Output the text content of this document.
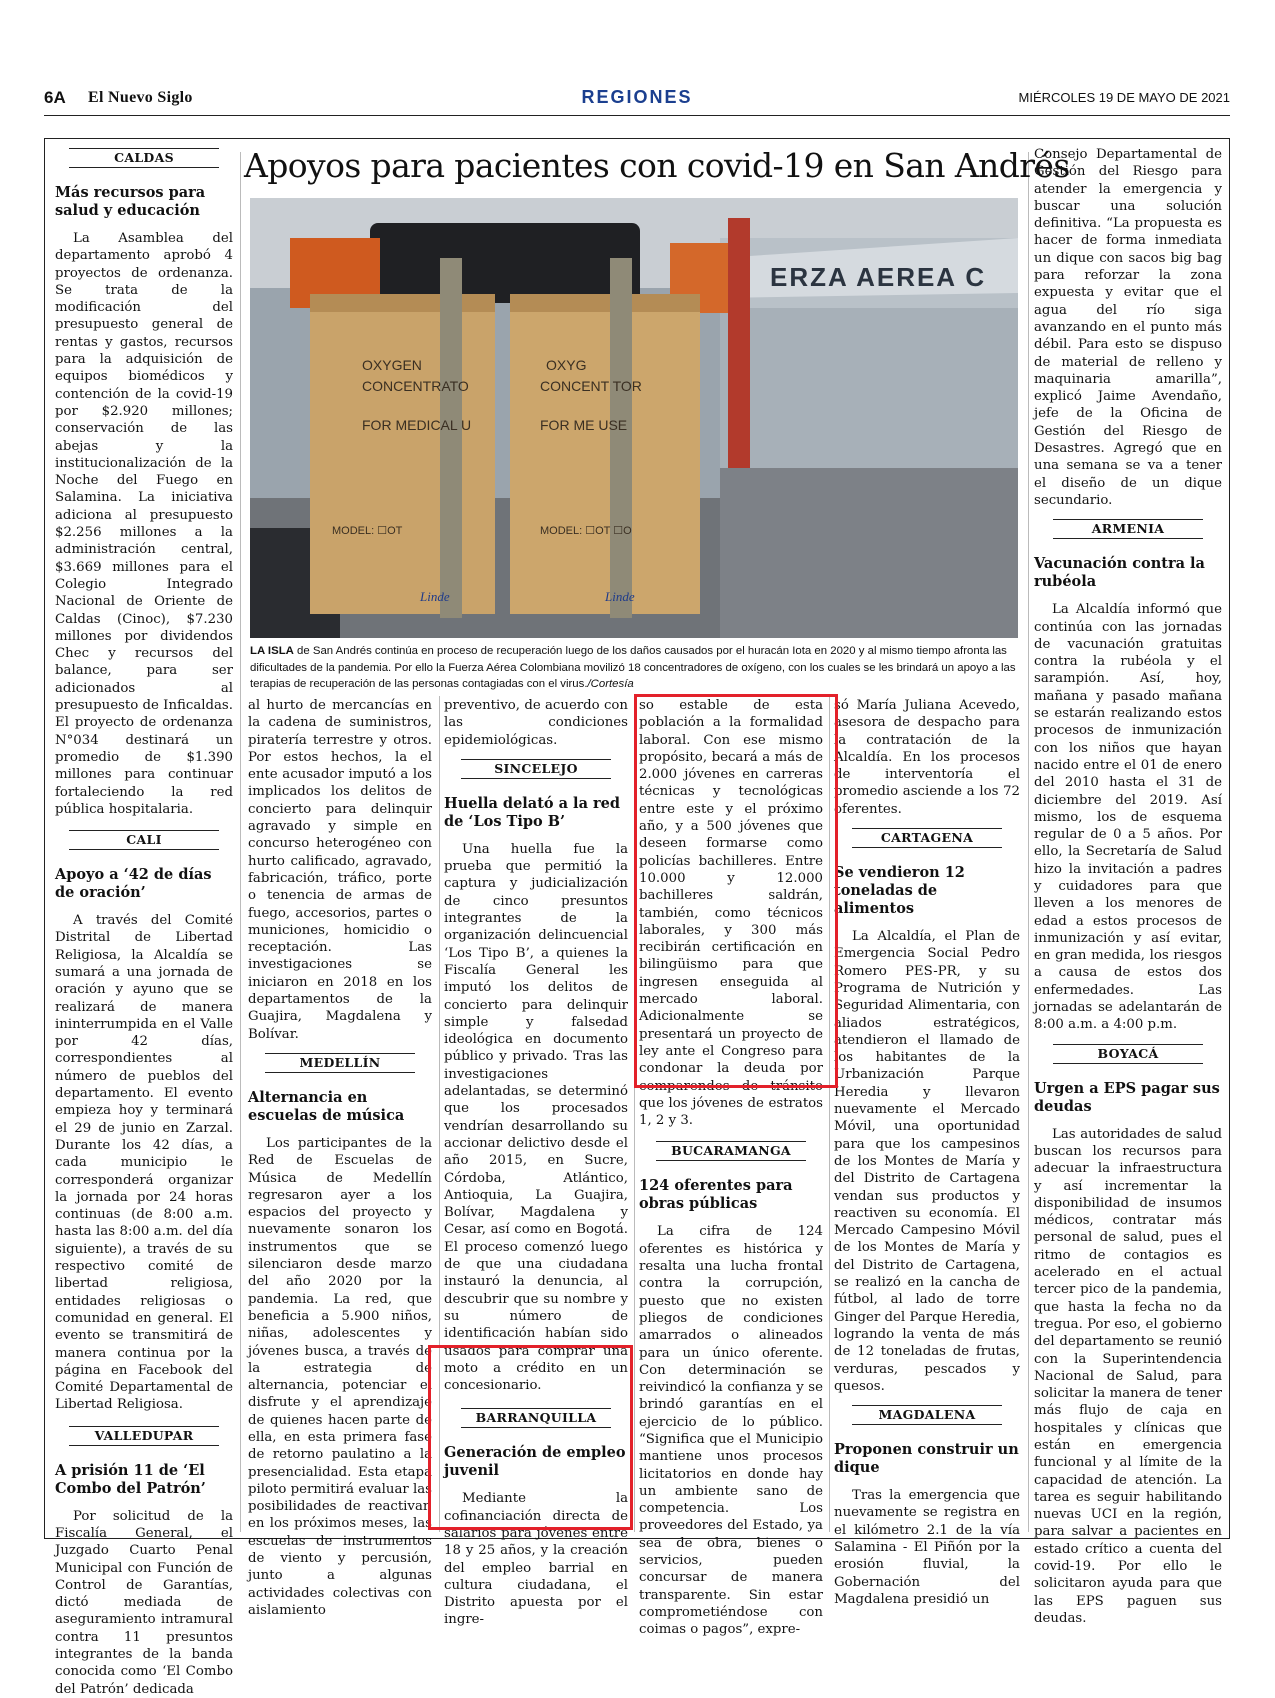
6A El Nuevo Siglo	REGIONES	MIÉRCOLES 19 DE MAYO DE 2021
CALDAS
Más recursos para salud y educación

La Asamblea del departamento aprobó 4 proyectos de ordenanza. Se trata de la modificación del presupuesto general de rentas y gastos, recursos para la adquisición de equipos biomédicos y contención de la covid-19 por $2.920 millones; conservación de las abejas y la institucionalización de la Noche del Fuego en Salamina. La iniciativa adiciona al presupuesto $2.256 millones a la administración central, $3.669 millones para el Colegio Integrado Nacional de Oriente de Caldas (Cinoc), $7.230 millones por dividendos Chec y recursos del balance, para ser adicionados al presupuesto de Inficaldas. El proyecto de ordenanza N°034 destinará un promedio de $1.390 millones para continuar fortaleciendo la red pública hospitalaria.

CALI
Apoyo a ‘42 de días de oración’

A través del Comité Distrital de Libertad Religiosa, la Alcaldía se sumará a una jornada de oración y ayuno que se realizará de manera ininterrumpida en el Valle por 42 días, correspondientes al número de pueblos del departamento. El evento empieza hoy y terminará el 29 de junio en Zarzal. Durante los 42 días, a cada municipio le corresponderá organizar la jornada por 24 horas continuas (de 8:00 a.m. hasta las 8:00 a.m. del día siguiente), a través de su respectivo comité de libertad religiosa, entidades religiosas o comunidad en general. El evento se transmitirá de manera continua por la página en Facebook del Comité Departamental de Libertad Religiosa.

VALLEDUPAR
A prisión 11 de ‘El Combo del Patrón’

Por solicitud de la Fiscalía General, el Juzgado Cuarto Penal Municipal con Función de Control de Garantías, dictó mediada de aseguramiento intramural contra 11 presuntos integrantes de la banda conocida como ‘El Combo del Patrón’ dedicada

Apoyos para pacientes con covid-19 en San Andrés
ERZA AEREA C
OXYGEN
CONCENTRATO
FOR MEDICAL U
MODEL: ☐OT
OXYG
CONCENT TOR
FOR ME USE
MODEL: ☐OT ☐O
Linde	Linde
LA ISLA de San Andrés continúa en proceso de recuperación luego de los daños causados por el huracán Iota en 2020 y al mismo tiempo afronta las dificultades de la pandemia. Por ello la Fuerza Aérea Colombiana movilizó 18 concentradores de oxígeno, con los cuales se les brindará un apoyo a las terapias de recuperación de las personas contagiadas con el virus./Cortesía

al hurto de mercancías en la cadena de suministros, piratería terrestre y otros. Por estos hechos, la el ente acusador imputó a los implicados los delitos de concierto para delinquir agravado y simple en concurso heterogéneo con hurto calificado, agravado, fabricación, tráfico, porte o tenencia de armas de fuego, accesorios, partes o municiones, homicidio o receptación. Las investigaciones se iniciaron en 2018 en los departamentos de la Guajira, Magdalena y Bolívar.

MEDELLÍN
Alternancia en escuelas de música

Los participantes de la Red de Escuelas de Música de Medellín regresaron ayer a los espacios del proyecto y nuevamente sonaron los instrumentos que se silenciaron desde marzo del año 2020 por la pandemia. La red, que beneficia a 5.900 niños, niñas, adolescentes y jóvenes busca, a través de la estrategia de alternancia, potenciar el disfrute y el aprendizaje de quienes hacen parte de ella, en esta primera fase de retorno paulatino a la presencialidad. Esta etapa piloto permitirá evaluar las posibilidades de reactivar, en los próximos meses, las escuelas de instrumentos de viento y percusión, junto a algunas actividades colectivas con aislamiento

preventivo, de acuerdo con las condiciones epidemiológicas.

SINCELEJO
Huella delató a la red de ‘Los Tipo B’

Una huella fue la prueba que permitió la captura y judicialización de cinco presuntos integrantes de la organización delincuencial ‘Los Tipo B’, a quienes la Fiscalía General les imputó los delitos de concierto para delinquir simple y falsedad ideológica en documento público y privado. Tras las investigaciones adelantadas, se determinó que los procesados vendrían desarrollando su accionar delictivo desde el año 2015, en Sucre, Córdoba, Atlántico, Antioquia, La Guajira, Bolívar, Magdalena y Cesar, así como en Bogotá. El proceso comenzó luego de que una ciudadana instauró la denuncia, al descubrir que su nombre y su número de identificación habían sido usados para comprar una moto a crédito en un concesionario.

BARRANQUILLA
Generación de empleo juvenil

Mediante la cofinanciación directa de salarios para jóvenes entre 18 y 25 años, y la creación del empleo barrial en cultura ciudadana, el Distrito apuesta por el ingre-

so estable de esta población a la formalidad laboral. Con ese mismo propósito, becará a más de 2.000 jóvenes en carreras técnicas y tecnológicas entre este y el próximo año, y a 500 jóvenes que deseen formarse como policías bachilleres. Entre 10.000 y 12.000 bachilleres saldrán, también, como técnicos laborales, y 300 más recibirán certificación en bilingüismo para que ingresen enseguida al mercado laboral. Adicionalmente se presentará un proyecto de ley ante el Congreso para condonar la deuda por comparendos de tránsito que los jóvenes de estratos 1, 2 y 3.

BUCARAMANGA
124 oferentes para obras públicas

La cifra de 124 oferentes es histórica y resalta una lucha frontal contra la corrupción, puesto que no existen pliegos de condiciones amarrados o alineados para un único oferente. Con determinación se reivindicó la confianza y se brindó garantías en el ejercicio de lo público. “Significa que el Municipio mantiene unos procesos licitatorios en donde hay un ambiente sano de competencia. Los proveedores del Estado, ya sea de obra, bienes o servicios, pueden concursar de manera transparente. Sin estar comprometiéndose con coimas o pagos”, expre-

só María Juliana Acevedo, asesora de despacho para la contratación de la Alcaldía. En los procesos de interventoría el promedio asciende a los 72 oferentes.

CARTAGENA
Se vendieron 12 toneladas de alimentos

La Alcaldía, el Plan de Emergencia Social Pedro Romero PES-PR, y su Programa de Nutrición y Seguridad Alimentaria, con aliados estratégicos, atendieron el llamado de los habitantes de la Urbanización Parque Heredia y llevaron nuevamente el Mercado Móvil, una oportunidad para que los campesinos de los Montes de María y del Distrito de Cartagena vendan sus productos y reactiven su economía. El Mercado Campesino Móvil de los Montes de María y del Distrito de Cartagena, se realizó en la cancha de fútbol, al lado de torre Ginger del Parque Heredia, logrando la venta de más de 12 toneladas de frutas, verduras, pescados y quesos.

MAGDALENA
Proponen construir un dique

Tras la emergencia que nuevamente se registra en el kilómetro 2.1 de la vía Salamina - El Piñón por la erosión fluvial, la Gobernación del Magdalena presidió un

Consejo Departamental de Gestión del Riesgo para atender la emergencia y buscar una solución definitiva. “La propuesta es hacer de forma inmediata un dique con sacos big bag para reforzar la zona expuesta y evitar que el agua del río siga avanzando en el punto más débil. Para esto se dispuso de material de relleno y maquinaria amarilla”, explicó Jaime Avendaño, jefe de la Oficina de Gestión del Riesgo de Desastres. Agregó que en una semana se va a tener el diseño de un dique secundario.

ARMENIA
Vacunación contra la rubéola

La Alcaldía informó que continúa con las jornadas de vacunación gratuitas contra la rubéola y el sarampión. Así, hoy, mañana y pasado mañana se estarán realizando estos procesos de inmunización con los niños que hayan nacido entre el 01 de enero del 2010 hasta el 31 de diciembre del 2019. Así mismo, los de esquema regular de 0 a 5 años. Por ello, la Secretaría de Salud hizo la invitación a padres y cuidadores para que lleven a los menores de edad a estos procesos de inmunización y así evitar, en gran medida, los riesgos a causa de estos dos enfermedades. Las jornadas se adelantarán de 8:00 a.m. a 4:00 p.m.

BOYACÁ
Urgen a EPS pagar sus deudas

Las autoridades de salud buscan los recursos para adecuar la infraestructura y así incrementar la disponibilidad de insumos médicos, contratar más personal de salud, pues el ritmo de contagios es acelerado en el actual tercer pico de la pandemia, que hasta la fecha no da tregua. Por eso, el gobierno del departamento se reunió con la Superintendencia Nacional de Salud, para solicitar la manera de tener más flujo de caja en hospitales y clínicas que están en emergencia funcional y al límite de la capacidad de atención. La tarea es seguir habilitando nuevas UCI en la región, para salvar a pacientes en estado crítico a cuenta del covid-19. Por ello le solicitaron ayuda para que las EPS paguen sus deudas.
